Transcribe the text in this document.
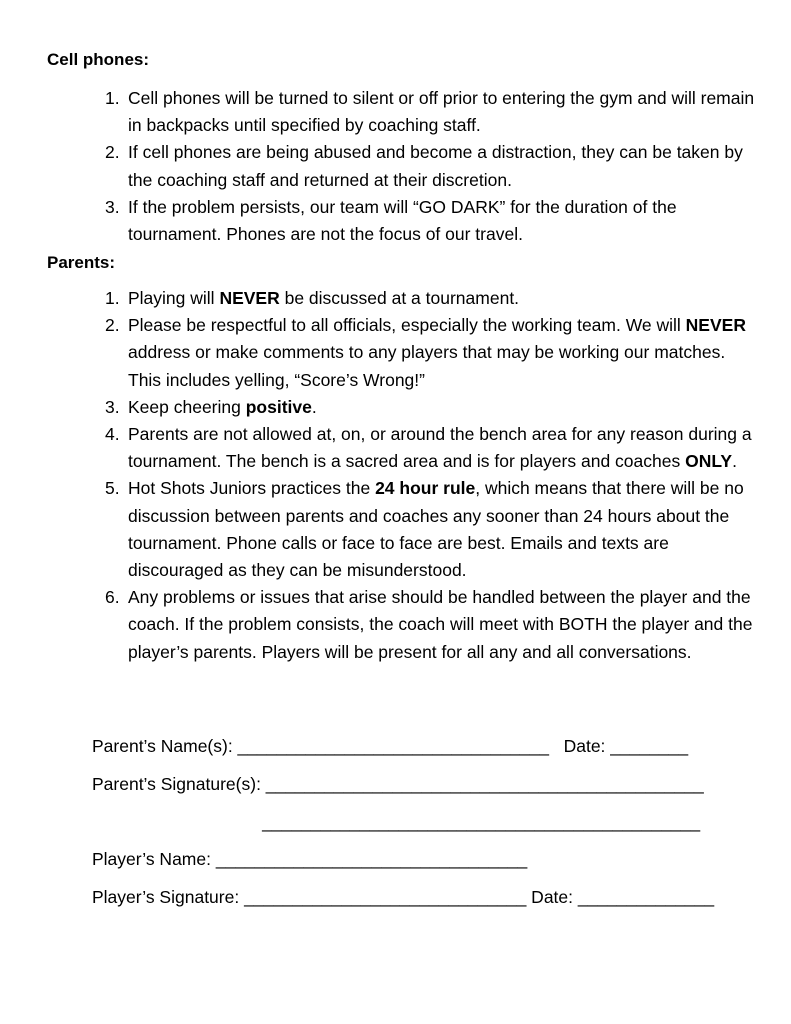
Cell phones:
1. Cell phones will be turned to silent or off prior to entering the gym and will remain in backpacks until specified by coaching staff.
2. If cell phones are being abused and become a distraction, they can be taken by the coaching staff and returned at their discretion.
3. If the problem persists, our team will “GO DARK” for the duration of the tournament. Phones are not the focus of our travel.
Parents:
1. Playing will NEVER be discussed at a tournament.
2. Please be respectful to all officials, especially the working team. We will NEVER address or make comments to any players that may be working our matches. This includes yelling, “Score’s Wrong!”
3. Keep cheering positive.
4. Parents are not allowed at, on, or around the bench area for any reason during a tournament. The bench is a sacred area and is for players and coaches ONLY.
5. Hot Shots Juniors practices the 24 hour rule, which means that there will be no discussion between parents and coaches any sooner than 24 hours about the tournament. Phone calls or face to face are best. Emails and texts are discouraged as they can be misunderstood.
6. Any problems or issues that arise should be handled between the player and the coach. If the problem consists, the coach will meet with BOTH the player and the player’s parents. Players will be present for all any and all conversations.
Parent’s Name(s): ________________________________   Date: ________
Parent’s Signature(s): _____________________________________________
_____________________________________________
Player’s Name: ________________________________
Player’s Signature: _____________________________ Date: ______________
